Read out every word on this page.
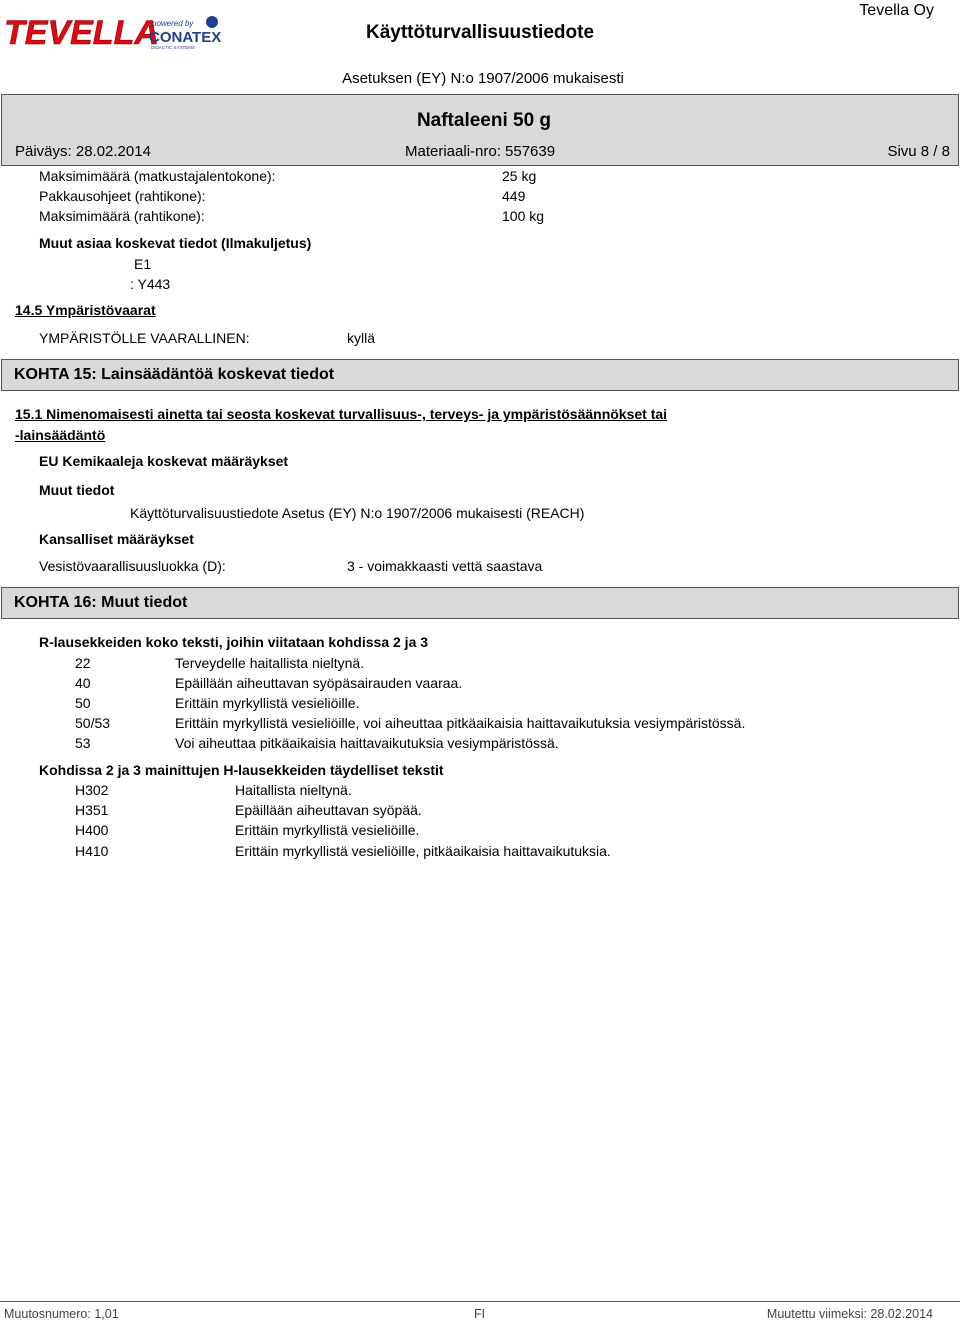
TEVELLA
powered by
CONATEX
DIDACTIC SYSTEMS
Käyttöturvallisuustiedote
Tevella Oy
Asetuksen (EY) N:o 1907/2006 mukaisesti
Naftaleeni 50 g
Päiväys: 28.02.2014	Materiaali-nro: 557639	Sivu 8 / 8
Maksimimäärä (matkustajalentokone):	25 kg
Pakkausohjeet (rahtikone):	449
Maksimimäärä (rahtikone):	100 kg
Muut asiaa koskevat tiedot (Ilmakuljetus)
E1
: Y443
14.5 Ympäristövaarat
YMPÄRISTÖLLE VAARALLINEN:	kyllä
KOHTA 15: Lainsäädäntöä koskevat tiedot
15.1 Nimenomaisesti ainetta tai seosta koskevat turvallisuus-, terveys- ja ympäristösäännökset tai
-lainsäädäntö
EU Kemikaaleja koskevat määräykset
Muut tiedot
Käyttöturvalisuustiedote Asetus (EY) N:o 1907/2006 mukaisesti (REACH)
Kansalliset määräykset
Vesistövaarallisuusluokka (D):	3 - voimakkaasti vettä saastava
KOHTA 16: Muut tiedot
R-lausekkeiden koko teksti, joihin viitataan kohdissa 2 ja 3
22	Terveydelle haitallista nieltynä.
40	Epäillään aiheuttavan syöpäsairauden vaaraa.
50	Erittäin myrkyllistä vesieliöille.
50/53	Erittäin myrkyllistä vesieliöille, voi aiheuttaa pitkäaikaisia haittavaikutuksia vesiympäristössä.
53	Voi aiheuttaa pitkäaikaisia haittavaikutuksia vesiympäristössä.
Kohdissa 2 ja 3 mainittujen H-lausekkeiden täydelliset tekstit
H302	Haitallista nieltynä.
H351	Epäillään aiheuttavan syöpää.
H400	Erittäin myrkyllistä vesieliöille.
H410	Erittäin myrkyllistä vesieliöille, pitkäaikaisia haittavaikutuksia.
Muutosnumero: 1,01	FI	Muutettu viimeksi: 28.02.2014
